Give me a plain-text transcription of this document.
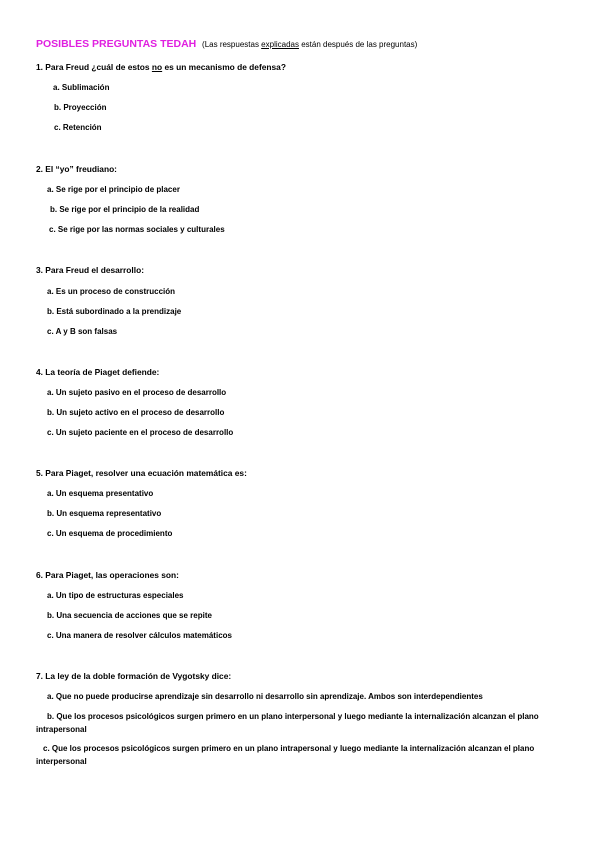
POSIBLES PREGUNTAS TEDAH (Las respuestas explicadas están después de las preguntas)
1. Para Freud ¿cuál de estos no es un mecanismo de defensa?
a. Sublimación
b. Proyección
c. Retención
2. El “yo” freudiano:
a. Se rige por el principio de placer
b. Se rige por el principio de la realidad
c. Se rige por las normas sociales y culturales
3. Para Freud el desarrollo:
a. Es un proceso de construcción
b. Está subordinado a la prendizaje
c. A y B son falsas
4. La teoría de Piaget defiende:
a. Un sujeto pasivo en el proceso de desarrollo
b. Un sujeto activo en el proceso de desarrollo
c. Un sujeto paciente en el proceso de desarrollo
5. Para Piaget, resolver una ecuación matemática es:
a. Un esquema presentativo
b. Un esquema representativo
c. Un esquema de procedimiento
6. Para Piaget, las operaciones son:
a. Un tipo de estructuras especiales
b. Una secuencia de acciones que se repite
c. Una manera de resolver cálculos matemáticos
7. La ley de la doble formación de Vygotsky dice:
a. Que no puede producirse aprendizaje sin desarrollo ni desarrollo sin aprendizaje. Ambos son interdependientes
b. Que los procesos psicológicos surgen primero en un plano interpersonal y luego mediante la internalización alcanzan el plano intrapersonal
c. Que los procesos psicológicos surgen primero en un plano intrapersonal y luego mediante la internalización alcanzan el plano interpersonal
